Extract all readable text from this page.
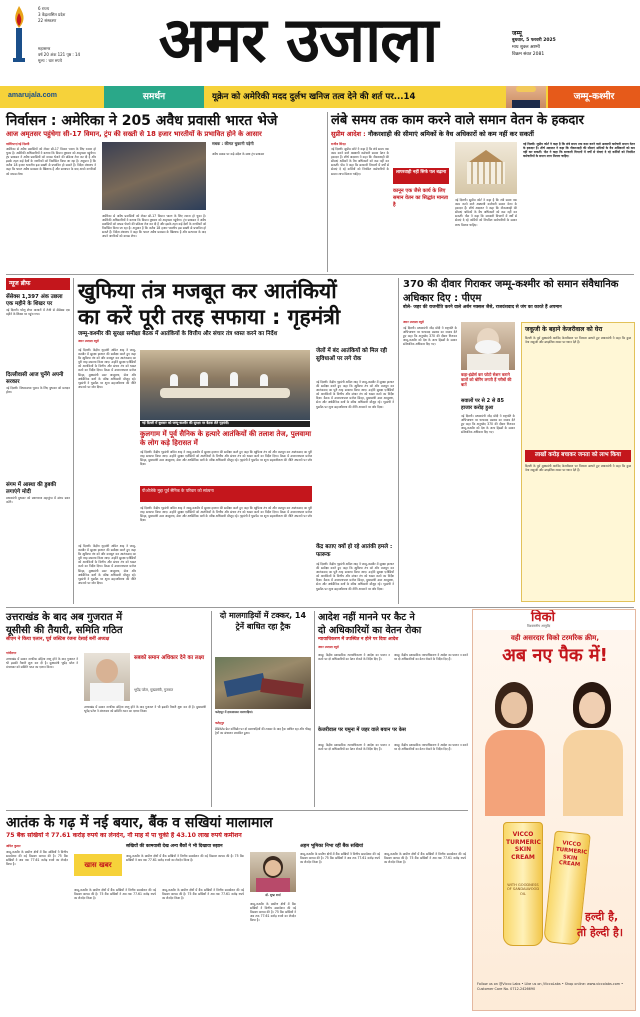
6 राज्य
3 केंद्रशासित प्रदेश
22 संस्करण
महासमर
वर्ष 20 अंक 121 पृष्ठ : 14
मूल्य : चार रुपये	अमर उजाला	जम्मू
बुधवार, 5 फरवरी 2025
माघ शुक्ल अष्टमी
विक्रम संवत 2081
amarujala.com	समर्थन	यूक्रेन को अमेरिकी मदद दुर्लभ खनिज तत्व देने की शर्त पर...14	जम्मू-कश्मीर
निर्वासन : अमेरिका ने 205 अवैध प्रवासी भारत भेजे
आज अमृतसर पहुंचेगा सी-17 विमान, ट्रंप की सख्ती से 18 हजार भारतीयों के प्रभावित होने के आसार
वाशिंगटन/नई दिल्ली
अमेरिका से अवैध प्रवासियों को लेकर सी-17 विमान भारत के लिए रवाना हो चुका है। अमेरिकी अधिकारियों ने बताया कि विमान बुधवार को अमृतसर पहुंचेगा। ट्रंप प्रशासन ने अवैध प्रवासियों को वापस भेजने की प्रक्रिया तेज कर दी है और इसके तहत कई देशों के नागरिकों को निर्वासित किया जा रहा है। अनुमान है कि करीब 18 हजार भारतीय इस सख्ती से प्रभावित हो सकते हैं। विदेश मंत्रालय ने कहा कि भारत अवैध प्रवासन के खिलाफ है और सत्यापन के बाद अपने नागरिकों को वापस लेगा।
सबक : कीमत चुकानी पड़ेगी
अवैध प्रवास पर कड़े संदेश के साथ ट्रंप प्रशासन
अमेरिका से अवैध प्रवासियों को लेकर सी-17 विमान भारत के लिए रवाना हो चुका है। अमेरिकी अधिकारियों ने बताया कि विमान बुधवार को अमृतसर पहुंचेगा। ट्रंप प्रशासन ने अवैध प्रवासियों को वापस भेजने की प्रक्रिया तेज कर दी है और इसके तहत कई देशों के नागरिकों को निर्वासित किया जा रहा है। अनुमान है कि करीब 18 हजार भारतीय इस सख्ती से प्रभावित हो सकते हैं। विदेश मंत्रालय ने कहा कि भारत अवैध प्रवासन के खिलाफ है और सत्यापन के बाद अपने नागरिकों को वापस लेगा।
लंबे समय तक काम करने वाले समान वेतन के हकदार
सुप्रीम आदेश : नौकरशाही की सीमाएं श्रमिकों के वैध अधिकारों को कम नहीं कर सकतीं
राजीव सिन्हा
नई दिल्ली। सुप्रीम कोर्ट ने कहा है कि लंबे समय तक काम करने वाले अस्थायी कर्मचारी समान वेतन के हकदार हैं। शीर्ष अदालत ने कहा कि नौकरशाही की सीमाएं श्रमिकों के वैध अधिकारों को कम नहीं कर सकतीं। पीठ ने कहा कि सरकारी विभागों में वर्षों से सेवाएं दे रहे कर्मियों को नियमित कर्मचारियों के समान लाभ मिलना चाहिए।	लापरवाही नहीं सिर्फ पल बढ़ाना
कानून एक जैसे कार्य के लिए समान वेतन का सिद्धांत मानता है
नई दिल्ली। सुप्रीम कोर्ट ने कहा है कि लंबे समय तक काम करने वाले अस्थायी कर्मचारी समान वेतन के हकदार हैं। शीर्ष अदालत ने कहा कि नौकरशाही की सीमाएं श्रमिकों के वैध अधिकारों को कम नहीं कर सकतीं। पीठ ने कहा कि सरकारी विभागों में वर्षों से सेवाएं दे रहे कर्मियों को नियमित कर्मचारियों के समान लाभ मिलना चाहिए।
नई दिल्ली। सुप्रीम कोर्ट ने कहा है कि लंबे समय तक काम करने वाले अस्थायी कर्मचारी समान वेतन के हकदार हैं। शीर्ष अदालत ने कहा कि नौकरशाही की सीमाएं श्रमिकों के वैध अधिकारों को कम नहीं कर सकतीं। पीठ ने कहा कि सरकारी विभागों में वर्षों से सेवाएं दे रहे कर्मियों को नियमित कर्मचारियों के समान लाभ मिलना चाहिए।
न्यूज ब्रीफ
सेंसेक्स 1,397 अंक उछला एक महीने के शिखर पर
नई दिल्ली। घरेलू शेयर बाजारों में तेजी से सेंसेक्स एक महीने के शिखर पर पहुंच गया।
दिल्लीवासी आज चुनेंगे अपनी सरकार
नई दिल्ली। विधानसभा चुनाव के लिए बुधवार को मतदान होगा।
संगम में आस्था की डुबकी लगाएंगे मोदी
प्रधानमंत्री बुधवार को प्रयागराज महाकुंभ में संगम स्नान करेंगे।
खुफिया तंत्र मजबूत कर आतंकियों
का करें पूरी तरह सफाया : गृहमंत्री
जम्मू-कश्मीर की सुरक्षा समीक्षा बैठक में आतंकियों के वित्तीय और संचार तंत्र ध्वस्त करने का निर्देश
अमर उजाला ब्यूरो
नई दिल्ली। केंद्रीय गृहमंत्री अमित शाह ने जम्मू-कश्मीर में सुरक्षा हालात की समीक्षा करते हुए कहा कि खुफिया तंत्र को और मजबूत कर आतंकवाद का पूरी तरह सफाया किया जाए। उन्होंने सुरक्षा एजेंसियों को आतंकियों के वित्तीय और संचार तंत्र को ध्वस्त करने का निर्देश दिया। बैठक में उपराज्यपाल मनोज सिन्हा, मुख्यमंत्री उमर अब्दुल्ला, सेना और अर्धसैनिक बलों के वरिष्ठ अधिकारी मौजूद रहे। गृहमंत्री ने घुसपैठ पर शून्य सहनशीलता की नीति अपनाने पर जोर दिया।
नई दिल्ली में बुधवार को जम्मू-कश्मीर की सुरक्षा पर बैठक लेते गृहमंत्री।
जेलों में बंद आतंकियों को मिल रही सुविधाओं पर लगे रोक
नई दिल्ली। केंद्रीय गृहमंत्री अमित शाह ने जम्मू-कश्मीर में सुरक्षा हालात की समीक्षा करते हुए कहा कि खुफिया तंत्र को और मजबूत कर आतंकवाद का पूरी तरह सफाया किया जाए। उन्होंने सुरक्षा एजेंसियों को आतंकियों के वित्तीय और संचार तंत्र को ध्वस्त करने का निर्देश दिया। बैठक में उपराज्यपाल मनोज सिन्हा, मुख्यमंत्री उमर अब्दुल्ला, सेना और अर्धसैनिक बलों के वरिष्ठ अधिकारी मौजूद रहे। गृहमंत्री ने घुसपैठ पर शून्य सहनशीलता की नीति अपनाने पर जोर दिया।
कुलगाम में पूर्व सैनिक के हत्यारे आतंकियों की तलाश तेज, पुलवामा के लोग कड़े हिरासत में
नई दिल्ली। केंद्रीय गृहमंत्री अमित शाह ने जम्मू-कश्मीर में सुरक्षा हालात की समीक्षा करते हुए कहा कि खुफिया तंत्र को और मजबूत कर आतंकवाद का पूरी तरह सफाया किया जाए। उन्होंने सुरक्षा एजेंसियों को आतंकियों के वित्तीय और संचार तंत्र को ध्वस्त करने का निर्देश दिया। बैठक में उपराज्यपाल मनोज सिन्हा, मुख्यमंत्री उमर अब्दुल्ला, सेना और अर्धसैनिक बलों के वरिष्ठ अधिकारी मौजूद रहे। गृहमंत्री ने घुसपैठ पर शून्य सहनशीलता की नीति अपनाने पर जोर दिया।
पीओजेके मुद्दा पूर्व सैनिक के परिवार को सांत्वना
केंद्र बताए क्यों हो रहे आतंकी हमले : फारूक
नई दिल्ली। केंद्रीय गृहमंत्री अमित शाह ने जम्मू-कश्मीर में सुरक्षा हालात की समीक्षा करते हुए कहा कि खुफिया तंत्र को और मजबूत कर आतंकवाद का पूरी तरह सफाया किया जाए। उन्होंने सुरक्षा एजेंसियों को आतंकियों के वित्तीय और संचार तंत्र को ध्वस्त करने का निर्देश दिया। बैठक में उपराज्यपाल मनोज सिन्हा, मुख्यमंत्री उमर अब्दुल्ला, सेना और अर्धसैनिक बलों के वरिष्ठ अधिकारी मौजूद रहे। गृहमंत्री ने घुसपैठ पर शून्य सहनशीलता की नीति अपनाने पर जोर दिया।
नई दिल्ली। केंद्रीय गृहमंत्री अमित शाह ने जम्मू-कश्मीर में सुरक्षा हालात की समीक्षा करते हुए कहा कि खुफिया तंत्र को और मजबूत कर आतंकवाद का पूरी तरह सफाया किया जाए। उन्होंने सुरक्षा एजेंसियों को आतंकियों के वित्तीय और संचार तंत्र को ध्वस्त करने का निर्देश दिया। बैठक में उपराज्यपाल मनोज सिन्हा, मुख्यमंत्री उमर अब्दुल्ला, सेना और अर्धसैनिक बलों के वरिष्ठ अधिकारी मौजूद रहे। गृहमंत्री ने घुसपैठ पर शून्य सहनशीलता की नीति अपनाने पर जोर दिया।
नई दिल्ली। केंद्रीय गृहमंत्री अमित शाह ने जम्मू-कश्मीर में सुरक्षा हालात की समीक्षा करते हुए कहा कि खुफिया तंत्र को और मजबूत कर आतंकवाद का पूरी तरह सफाया किया जाए। उन्होंने सुरक्षा एजेंसियों को आतंकियों के वित्तीय और संचार तंत्र को ध्वस्त करने का निर्देश दिया। बैठक में उपराज्यपाल मनोज सिन्हा, मुख्यमंत्री उमर अब्दुल्ला, सेना और अर्धसैनिक बलों के वरिष्ठ अधिकारी मौजूद रहे। गृहमंत्री ने घुसपैठ पर शून्य सहनशीलता की नीति अपनाने पर जोर दिया।
370 की दीवार गिराकर जम्मू-कश्मीर को समान संवैधानिक अधिकार दिए : पीएम
बोले- जहर की राजनीति करने वाले अर्बन नक्सल जैसे, राजवंशवाद से जंग का कारते हैं अपमान
अमर उजाला ब्यूरो
नई दिल्ली। प्रधानमंत्री नरेंद्र मोदी ने राष्ट्रपति के अभिभाषण पर धन्यवाद प्रस्ताव का जवाब देते हुए कहा कि अनुच्छेद 370 की दीवार गिराकर जम्मू-कश्मीर को देश के अन्य हिस्सों के समान संवैधानिक अधिकार दिए गए।
कहा-इंडोर्स कर फोटो सेशन कराने वालों को बोरिंग लगती हैं गरीबों की बातें
सवालों पर से 2 से 85 हाजार करोड़ हुआ
नई दिल्ली। प्रधानमंत्री नरेंद्र मोदी ने राष्ट्रपति के अभिभाषण पर धन्यवाद प्रस्ताव का जवाब देते हुए कहा कि अनुच्छेद 370 की दीवार गिराकर जम्मू-कश्मीर को देश के अन्य हिस्सों के समान संवैधानिक अधिकार दिए गए।
जकूजी के बहाने केजरीवाल को घेरा
दिल्ली के पूर्व मुख्यमंत्री अरविंद केजरीवाल पर निशाना साधते हुए प्रधानमंत्री ने कहा कि कुछ नेता जकूजी और स्टाइलिश शावर पर ध्यान देते हैं।
लाखों करोड़ बचाकर जनता को लाभ किया
दिल्ली के पूर्व मुख्यमंत्री अरविंद केजरीवाल पर निशाना साधते हुए प्रधानमंत्री ने कहा कि कुछ नेता जकूजी और स्टाइलिश शावर पर ध्यान देते हैं।
उत्तराखंड के बाद अब गुजरात में
यूसीसी की तैयारी, समिति गठित
सीएम ने किया एलान, पूर्व जस्टिस रंजना देसाई बनीं अध्यक्ष
गांधीनगर
उत्तराखंड में समान नागरिक संहिता लागू होने के बाद गुजरात ने भी इसकी तैयारी शुरू कर दी है। मुख्यमंत्री भूपेंद्र पटेल ने मंगलवार को समिति गठन का एलान किया।
सबको समान अधिकार देने का लक्ष्य
भूपेंद्र पटेल, मुख्यमंत्री, गुजरात
उत्तराखंड में समान नागरिक संहिता लागू होने के बाद गुजरात ने भी इसकी तैयारी शुरू कर दी है। मुख्यमंत्री भूपेंद्र पटेल ने मंगलवार को समिति गठन का एलान किया।
दो मालगाड़ियों में टक्कर, 14 ट्रेनें बाधित रहा ट्रैक
फतेहपुर में हादसाग्रस्त मालगाड़ियां।
फतेहपुर
डेडिकेटेड फ्रेट कॉरिडोर पर दो मालगाड़ियों की टक्कर के बाद ट्रैक बाधित रहा और चौदह ट्रेनों का संचालन प्रभावित हुआ।
आदेश नहीं मानने पर कैट ने
दो अधिकारियों का वेतन रोका
न्यायाधिकरण में उपस्थित न होने पर दिया आदेश
अमर उजाला ब्यूरो
जम्मू। केंद्रीय प्रशासनिक न्यायाधिकरण ने आदेश का पालन न करने पर दो अधिकारियों का वेतन रोकने के निर्देश दिए हैं।
जम्मू। केंद्रीय प्रशासनिक न्यायाधिकरण ने आदेश का पालन न करने पर दो अधिकारियों का वेतन रोकने के निर्देश दिए हैं।
केजरीवाल पर यमुना में जहर वाले बयान पर केस
जम्मू। केंद्रीय प्रशासनिक न्यायाधिकरण ने आदेश का पालन न करने पर दो अधिकारियों का वेतन रोकने के निर्देश दिए हैं।
जम्मू। केंद्रीय प्रशासनिक न्यायाधिकरण ने आदेश का पालन न करने पर दो अधिकारियों का वेतन रोकने के निर्देश दिए हैं।
विको
विश्वसनीय आयुर्वेद
वही असरदार विको टरमरिक क्रीम,
अब नए पैक में!
VICCO TURMERIC SKIN CREAM
WITH GOODNESS OF SANDALWOOD OIL
VICCO TURMERIC SKIN CREAM
हल्दी है,
तो हेल्दी है।
Follow us on @Vicco Labs • Like us on /ViccoLabs • Shop online: www.viccolabs.com • Customer Care No. 0712-2426690
आतंक के गढ़ में नई बयार, बैंक व सखियां मालामाल
75 बैंक सखियों ने 77.61 करोड़ रुपये का लेनदेन, नौ माह में पा चुकी हैं 43.10 लाख रुपये कमीशन
अमित कुमार
जम्मू-कश्मीर के ग्रामीण क्षेत्रों में बैंक सखियों ने वित्तीय समावेशन की नई मिसाल कायम की है। 75 बैंक सखियों ने अब तक 77.61 करोड़ रुपये का लेनदेन किया है।	खास खबर
सखियों की कामयाबी देख अन्य बैंकों ने भी दिखाया रुझान
जम्मू-कश्मीर के ग्रामीण क्षेत्रों में बैंक सखियों ने वित्तीय समावेशन की नई मिसाल कायम की है। 75 बैंक सखियों ने अब तक 77.61 करोड़ रुपये का लेनदेन किया है।
जम्मू-कश्मीर के ग्रामीण क्षेत्रों में बैंक सखियों ने वित्तीय समावेशन की नई मिसाल कायम की है। 75 बैंक सखियों ने अब तक 77.61 करोड़ रुपये का लेनदेन किया है।
जम्मू-कश्मीर के ग्रामीण क्षेत्रों में बैंक सखियों ने वित्तीय समावेशन की नई मिसाल कायम की है। 75 बैंक सखियों ने अब तक 77.61 करोड़ रुपये का लेनदेन किया है।
अहम भूमिका निभा रहीं बैंक सखियां
डॉ. शुभ्रा शर्मा
जम्मू-कश्मीर के ग्रामीण क्षेत्रों में बैंक सखियों ने वित्तीय समावेशन की नई मिसाल कायम की है। 75 बैंक सखियों ने अब तक 77.61 करोड़ रुपये का लेनदेन किया है।
जम्मू-कश्मीर के ग्रामीण क्षेत्रों में बैंक सखियों ने वित्तीय समावेशन की नई मिसाल कायम की है। 75 बैंक सखियों ने अब तक 77.61 करोड़ रुपये का लेनदेन किया है।
जम्मू-कश्मीर के ग्रामीण क्षेत्रों में बैंक सखियों ने वित्तीय समावेशन की नई मिसाल कायम की है। 75 बैंक सखियों ने अब तक 77.61 करोड़ रुपये का लेनदेन किया है।
